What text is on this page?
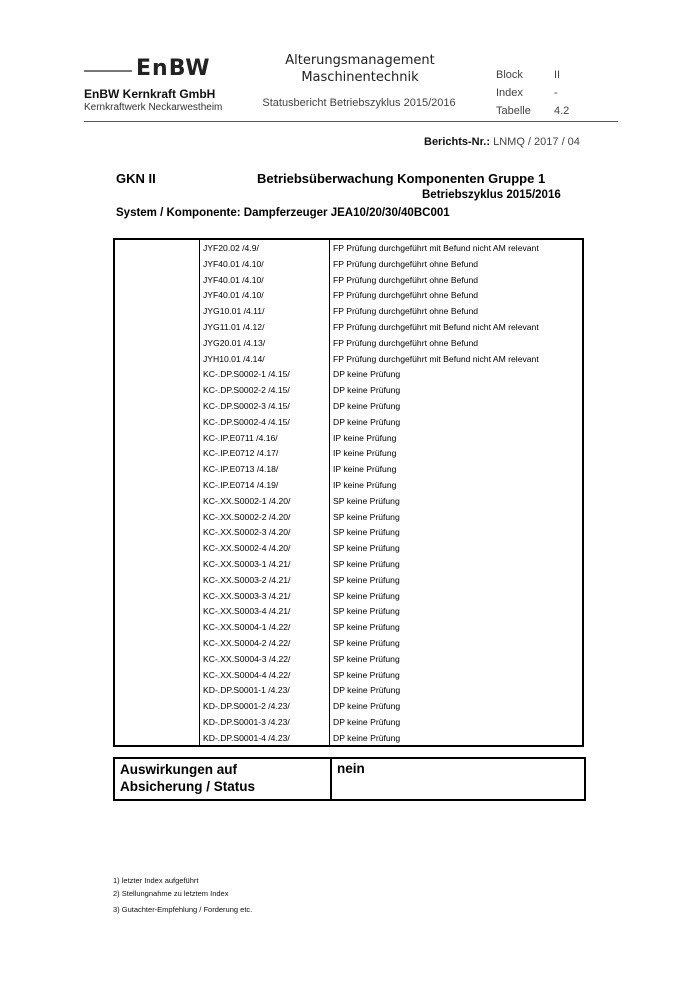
EnBW
EnBW Kernkraft GmbH
Kernkraftwerk Neckarwestheim
Alterungsmanagement
Maschinentechnik
Statusbericht Betriebszyklus 2015/2016
Block	II
Index	-
Tabelle 4.2
Berichts-Nr.: LNMQ / 2017 / 04
GKN II	Betriebsüberwachung Komponenten Gruppe 1
Betriebszyklus 2015/2016
System / Komponente: Dampferzeuger JEA10/20/30/40BC001
JYF20.02 /4.9/	FP Prüfung durchgeführt mit Befund nicht AM relevant
JYF40.01 /4.10/	FP Prüfung durchgeführt ohne Befund
JYF40.01 /4.10/	FP Prüfung durchgeführt ohne Befund
JYF40.01 /4.10/	FP Prüfung durchgeführt ohne Befund
JYG10.01 /4.11/	FP Prüfung durchgeführt ohne Befund
JYG11.01 /4.12/	FP Prüfung durchgeführt mit Befund nicht AM relevant
JYG20.01 /4.13/	FP Prüfung durchgeführt ohne Befund
JYH10.01 /4.14/	FP Prüfung durchgeführt mit Befund nicht AM relevant
KC-.DP.S0002-1 /4.15/	DP keine Prüfung
KC-.DP.S0002-2 /4.15/	DP keine Prüfung
KC-.DP.S0002-3 /4.15/	DP keine Prüfung
KC-.DP.S0002-4 /4.15/	DP keine Prüfung
KC-.IP.E0711 /4.16/	IP keine Prüfung
KC-.IP.E0712 /4.17/	IP keine Prüfung
KC-.IP.E0713 /4.18/	IP keine Prüfung
KC-.IP.E0714 /4.19/	IP keine Prüfung
KC-.XX.S0002-1 /4.20/	SP keine Prüfung
KC-.XX.S0002-2 /4.20/	SP keine Prüfung
KC-.XX.S0002-3 /4.20/	SP keine Prüfung
KC-.XX.S0002-4 /4.20/	SP keine Prüfung
KC-.XX.S0003-1 /4.21/	SP keine Prüfung
KC-.XX.S0003-2 /4.21/	SP keine Prüfung
KC-.XX.S0003-3 /4.21/	SP keine Prüfung
KC-.XX.S0003-4 /4.21/	SP keine Prüfung
KC-.XX.S0004-1 /4.22/	SP keine Prüfung
KC-.XX.S0004-2 /4.22/	SP keine Prüfung
KC-.XX.S0004-3 /4.22/	SP keine Prüfung
KC-.XX.S0004-4 /4.22/	SP keine Prüfung
KD-.DP.S0001-1 /4.23/	DP keine Prüfung
KD-.DP.S0001-2 /4.23/	DP keine Prüfung
KD-.DP.S0001-3 /4.23/	DP keine Prüfung
KD-.DP.S0001-4 /4.23/	DP keine Prüfung
Auswirkungen auf
Absicherung / Status
nein
1) letzter Index aufgeführt
2) Stellungnahme zu letztem Index
3) Gutachter-Empfehlung / Forderung etc.
